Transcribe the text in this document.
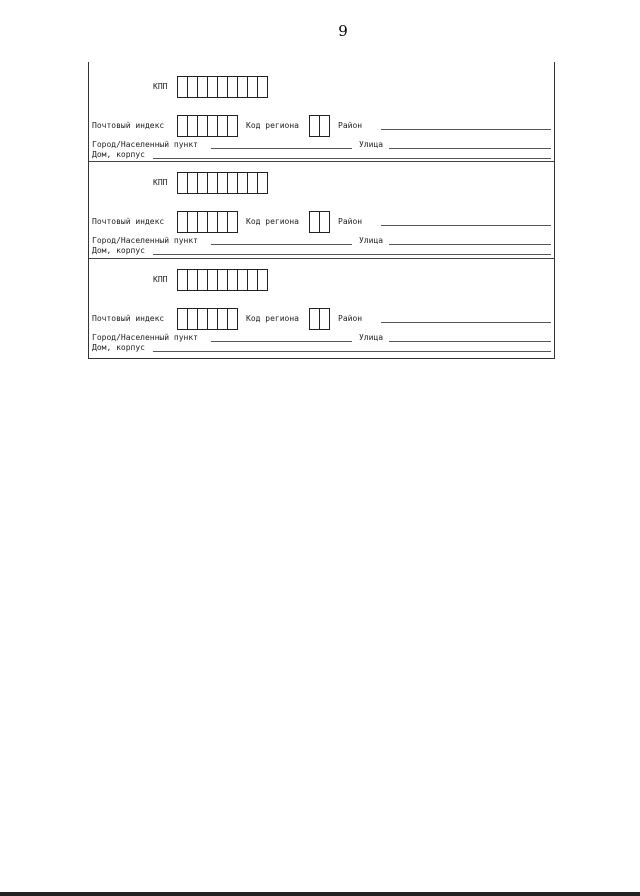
9
КПП
Почтовый индекс	Код региона	Район
Город/Населенный пункт	Улица
Дом, корпус
КПП
Почтовый индекс	Код региона	Район
Город/Населенный пункт	Улица
Дом, корпус
КПП
Почтовый индекс	Код региона	Район
Город/Населенный пункт	Улица
Дом, корпус
